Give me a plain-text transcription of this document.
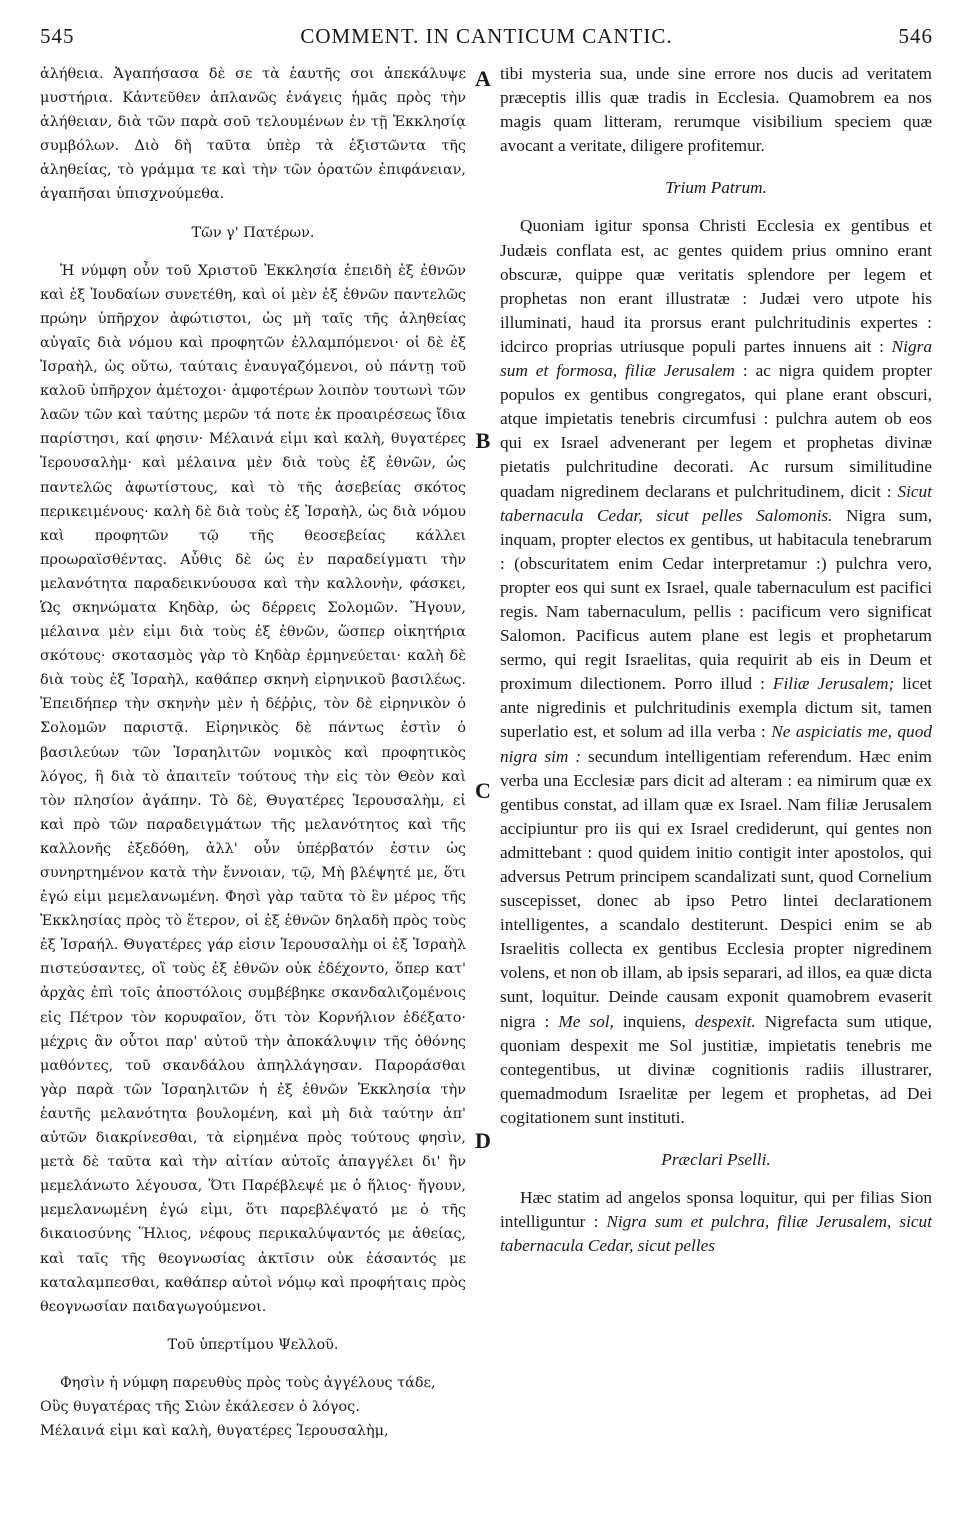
545	COMMENT. IN CANTICUM CANTIC.	546

ἀλήθεια. Ἀγαπήσασα δὲ σε τὰ ἑαυτῆς σοι ἀπεκάλυψε μυστήρια. Κἀντεῦθεν ἁπλανῶς ἐνάγεις ἡμᾶς πρὸς τὴν ἀλήθειαν, διὰ τῶν παρὰ σοῦ τελουμένων ἐν τῇ Ἐκκλησίᾳ συμβόλων. Διὸ δὴ ταῦτα ὑπὲρ τὰ ἐξιστῶντα τῆς ἀληθείας, τὸ γράμμα τε καὶ τὴν τῶν ὁρατῶν ἐπιφάνειαν, ἀγαπῆσαι ὑπισχνούμεθα.

Τῶν γ' Πατέρων.

Ἡ νύμφη οὖν τοῦ Χριστοῦ Ἐκκλησία ἐπειδὴ ἐξ ἐθνῶν καὶ ἐξ Ἰουδαίων συνετέθη, καὶ οἱ μὲν ἐξ ἐθνῶν παντελῶς πρώην ὑπῆρχον ἀφώτιστοι, ὡς μὴ ταῖς τῆς ἀληθείας αὐγαῖς διὰ νόμου καὶ προφητῶν ἐλλαμπόμενοι· οἱ δὲ ἐξ Ἰσραὴλ, ὡς οὕτω, ταύταις ἐναυγαζόμενοι, οὐ πάντῃ τοῦ καλοῦ ὑπῆρχον ἀμέτοχοι· ἀμφοτέρων λοιπὸν τουτωνὶ τῶν λαῶν τῶν καὶ ταύτης μερῶν τά ποτε ἐκ προαιρέσεως ἴδια παρίστησι, καί φησιν· Μέλαινά εἰμι καὶ καλὴ, θυγατέρες Ἱερουσαλὴμ· καὶ μέλαινα μὲν διὰ τοὺς ἐξ ἐθνῶν, ὡς παντελῶς ἀφωτίστους, καὶ τὸ τῆς ἀσεβείας σκότος περικειμένους· καλὴ δὲ διὰ τοὺς ἐξ Ἰσραὴλ, ὡς διὰ νόμου καὶ προφητῶν τῷ τῆς θεοσεβείας κάλλει προωραϊσθέντας. Αὖθις δὲ ὡς ἐν παραδείγματι τὴν μελανότητα παραδεικνύουσα καὶ τὴν καλλονὴν, φάσκει, Ὡς σκηνώματα Κηδὰρ, ὡς δέρρεις Σολομῶν. Ἤγουν, μέλαινα μὲν εἰμι διὰ τοὺς ἐξ ἐθνῶν, ὥσπερ οἰκητήρια σκότους· σκοτασμὸς γὰρ τὸ Κηδὰρ ἑρμηνεύεται· καλὴ δὲ διὰ τοὺς ἐξ Ἰσραὴλ, καθάπερ σκηνὴ εἰρηνικοῦ βασιλέως. Ἐπειδήπερ τὴν σκηνὴν μὲν ἡ δέῤῥις, τὸν δὲ εἰρηνικὸν ὁ Σολομῶν παριστᾷ. Εἰρηνικὸς δὲ πάντως ἐστὶν ὁ βασιλεύων τῶν Ἰσραηλιτῶν νομικὸς καὶ προφητικὸς λόγος, ἢ διὰ τὸ ἀπαιτεῖν τούτους τὴν εἰς τὸν Θεὸν καὶ τὸν πλησίον ἀγάπην. Τὸ δὲ, Θυγατέρες Ἱερουσαλὴμ, εἰ καὶ πρὸ τῶν παραδειγμάτων τῆς μελανότητος καὶ τῆς καλλονῆς ἐξεδόθη, ἀλλ' οὖν ὑπέρβατόν ἐστιν ὡς συνηρτημένον κατὰ τὴν ἔννοιαν, τῷ, Μὴ βλέψητέ με, ὅτι ἐγώ εἰμι μεμελανωμένη. Φησὶ γὰρ ταῦτα τὸ ἓν μέρος τῆς Ἐκκλησίας πρὸς τὸ ἕτερον, οἱ ἐξ ἐθνῶν δηλαδὴ πρὸς τοὺς ἐξ Ἰσραήλ. Θυγατέρες γάρ εἰσιν Ἱερουσαλὴμ οἱ ἐξ Ἰσραὴλ πιστεύσαντες, οἳ τοὺς ἐξ ἐθνῶν οὐκ ἐδέχοντο, ὅπερ κατ' ἀρχὰς ἐπὶ τοῖς ἀποστόλοις συμβέβηκε σκανδαλιζομένοις εἰς Πέτρον τὸν κορυφαῖον, ὅτι τὸν Κορνήλιον ἐδέξατο· μέχρις ἂν οὗτοι παρ' αὐτοῦ τὴν ἀποκάλυψιν τῆς ὀθόνης μαθόντες, τοῦ σκανδάλου ἀπηλλάγησαν. Παροράσθαι γὰρ παρὰ τῶν Ἰσραηλιτῶν ἡ ἐξ ἐθνῶν Ἐκκλησία τὴν ἑαυτῆς μελανότητα βουλομένη, καὶ μὴ διὰ ταύτην ἀπ' αὐτῶν διακρίνεσθαι, τὰ εἰρημένα πρὸς τούτους φησὶν, μετὰ δὲ ταῦτα καὶ τὴν αἰτίαν αὐτοῖς ἀπαγγέλει δι' ἣν μεμελάνωτο λέγουσα, Ὅτι Παρέβλεψέ με ὁ ἥλιος· ἤγουν, μεμελανωμένη ἐγώ εἰμι, ὅτι παρεβλέψατό με ὁ τῆς δικαιοσύνης Ἥλιος, νέφους περικαλύψαντός με ἀθείας, καὶ ταῖς τῆς θεογνωσίας ἀκτῖσιν οὐκ ἐάσαντός με καταλαμπεσθαι, καθάπερ αὐτοὶ νόμῳ καὶ προφήταις πρὸς θεογνωσίαν παιδαγωγούμενοι.

Τοῦ ὑπερτίμου Ψελλοῦ.

Φησὶν ἡ νύμφη παρευθὺς πρὸς τοὺς ἀγγέλους τάδε,

Οὓς θυγατέρας τῆς Σιὼν ἐκάλεσεν ὁ λόγος.

Μέλαινά εἰμι καὶ καλὴ, θυγατέρες Ἱερουσαλὴμ,

A
B
C
D

tibi mysteria sua, unde sine errore nos ducis ad veritatem præceptis illis quæ tradis in Ecclesia. Quamobrem ea nos magis quam litteram, rerumque visibilium speciem quæ avocant a veritate, diligere profitemur.

Trium Patrum.

Quoniam igitur sponsa Christi Ecclesia ex gentibus et Judæis conflata est, ac gentes quidem prius omnino erant obscuræ, quippe quæ veritatis splendore per legem et prophetas non erant illustratæ : Judæi vero utpote his illuminati, haud ita prorsus erant pulchritudinis expertes : idcirco proprias utriusque populi partes innuens ait : Nigra sum et formosa, filiæ Jerusalem : ac nigra quidem propter populos ex gentibus congregatos, qui plane erant obscuri, atque impietatis tenebris circumfusi : pulchra autem ob eos qui ex Israel advenerant per legem et prophetas divinæ pietatis pulchritudine decorati. Ac rursum similitudine quadam nigredinem declarans et pulchritudinem, dicit : Sicut tabernacula Cedar, sicut pelles Salomonis. Nigra sum, inquam, propter electos ex gentibus, ut habitacula tenebrarum : (obscuritatem enim Cedar interpretamur :) pulchra vero, propter eos qui sunt ex Israel, quale tabernaculum est pacifici regis. Nam tabernaculum, pellis : pacificum vero significat Salomon. Pacificus autem plane est legis et prophetarum sermo, qui regit Israelitas, quia requirit ab eis in Deum et proximum dilectionem. Porro illud : Filiæ Jerusalem; licet ante nigredinis et pulchritudinis exempla dictum sit, tamen superlatio est, et solum ad illa verba : Ne aspiciatis me, quod nigra sim : secundum intelligentiam referendum. Hæc enim verba una Ecclesiæ pars dicit ad alteram : ea nimirum quæ ex gentibus constat, ad illam quæ ex Israel. Nam filiæ Jerusalem accipiuntur pro iis qui ex Israel crediderunt, qui gentes non admittebant : quod quidem initio contigit inter apostolos, qui adversus Petrum principem scandalizati sunt, quod Cornelium suscepisset, donec ab ipso Petro lintei declarationem intelligentes, a scandalo destiterunt. Despici enim se ab Israelitis collecta ex gentibus Ecclesia propter nigredinem volens, et non ob illam, ab ipsis separari, ad illos, ea quæ dicta sunt, loquitur. Deinde causam exponit quamobrem evaserit nigra : Me sol, inquiens, despexit. Nigrefacta sum utique, quoniam despexit me Sol justitiæ, impietatis tenebris me contegentibus, ut divinæ cognitionis radiis illustrarer, quemadmodum Israelitæ per legem et prophetas, ad Dei cogitationem sunt instituti.

Præclari Pselli.

Hæc statim ad angelos sponsa loquitur, qui per filias Sion intelliguntur : Nigra sum et pulchra, filiæ Jerusalem, sicut tabernacula Cedar, sicut pelles
